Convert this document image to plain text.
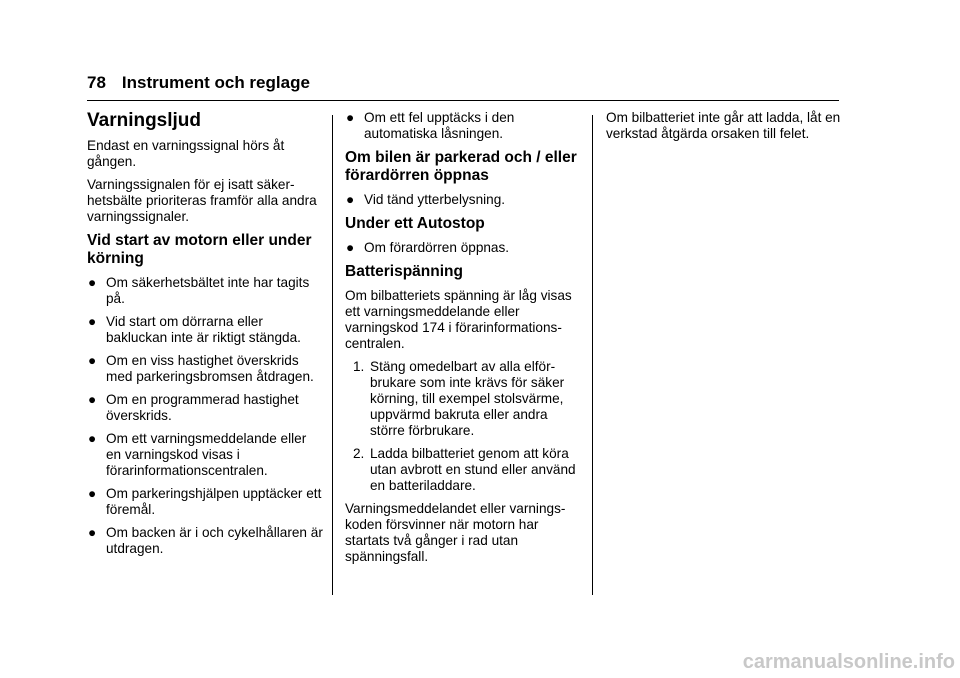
78 Instrument och reglage
Varningsljud

Endast en varningssignal hörs åt gången.

Varningssignalen för ej isatt säkerhetsbälte prioriteras framför alla andra varningssignaler.

Vid start av motorn eller under körning
● Om säkerhetsbältet inte har tagits på.
● Vid start om dörrarna eller bakluckan inte är riktigt stängda.
● Om en viss hastighet överskrids med parkeringsbromsen åtdragen.
● Om en programmerad hastighet överskrids.
● Om ett varningsmeddelande eller en varningskod visas i förarinformationscentralen.
● Om parkeringshjälpen upptäcker ett föremål.
● Om backen är i och cykelhållaren är utdragen.
● Om ett fel upptäcks i den automatiska låsningen.
Om bilen är parkerad och / eller förardörren öppnas
● Vid tänd ytterbelysning.
Under ett Autostop
● Om förardörren öppnas.
Batterispänning

Om bilbatteriets spänning är låg visas ett varningsmeddelande eller varningskod 174 i förarinformationscentralen.

1. Stäng omedelbart av alla elförbrukare som inte krävs för säker körning, till exempel stolsvärme, uppvärmd bakruta eller andra större förbrukare.
2. Ladda bilbatteriet genom att köra utan avbrott en stund eller använd en batteriladdare.

Varningsmeddelandet eller varningskoden försvinner när motorn har startats två gånger i rad utan spänningsfall.

Om bilbatteriet inte går att ladda, låt en verkstad åtgärda orsaken till felet.

carmanualsonline.info
